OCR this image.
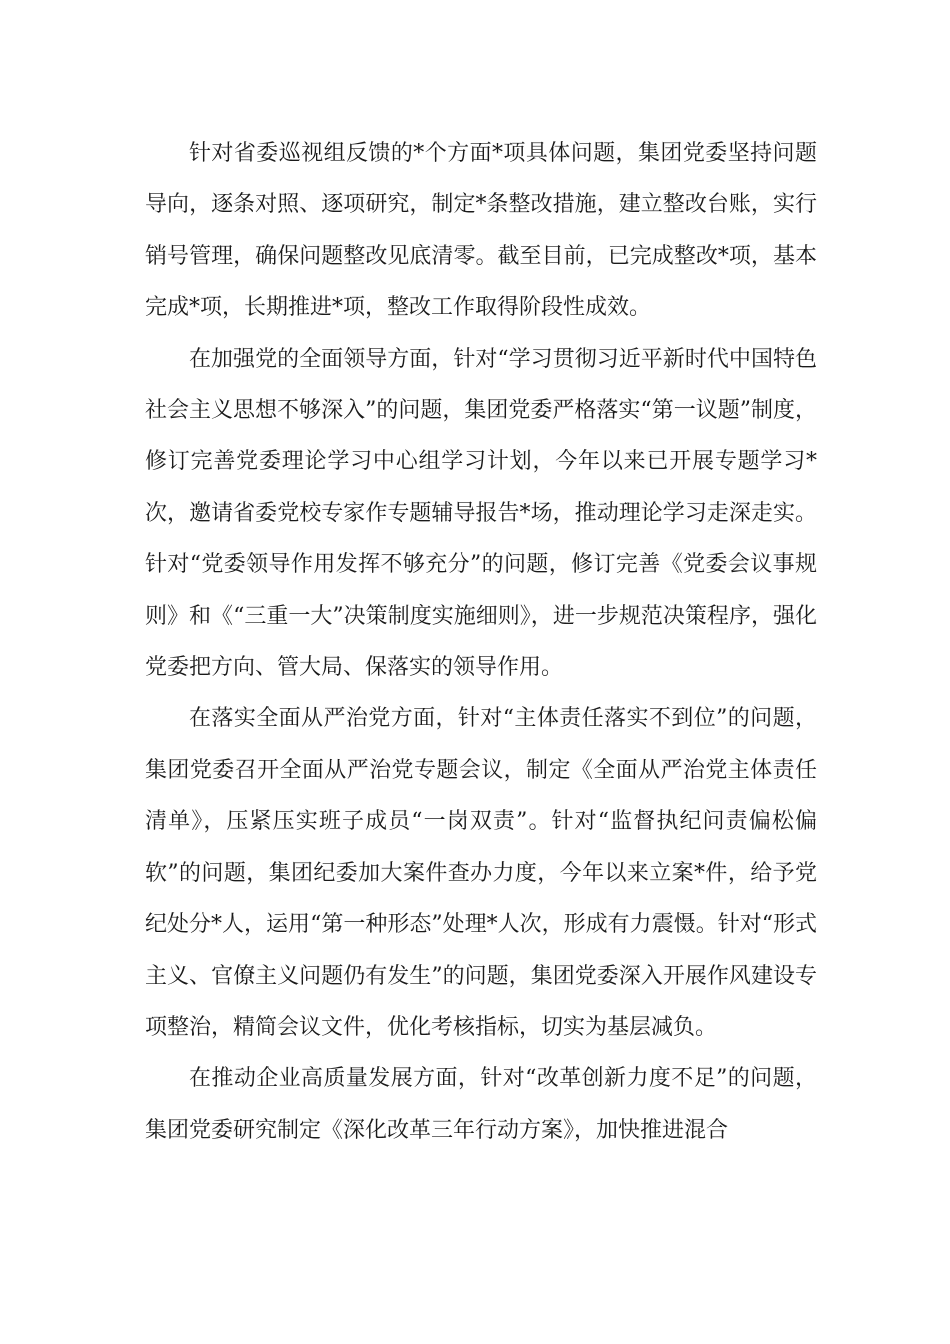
针对省委巡视组反馈的*个方面*项具体问题，集团党委坚持问题导向，逐条对照、逐项研究，制定*条整改措施，建立整改台账，实行销号管理，确保问题整改见底清零。截至目前，已完成整改*项，基本完成*项，长期推进*项，整改工作取得阶段性成效。

在加强党的全面领导方面，针对“学习贯彻习近平新时代中国特色社会主义思想不够深入”的问题，集团党委严格落实“第一议题”制度，修订完善党委理论学习中心组学习计划，今年以来已开展专题学习*次，邀请省委党校专家作专题辅导报告*场，推动理论学习走深走实。针对“党委领导作用发挥不够充分”的问题，修订完善《党委会议事规则》和《“三重一大”决策制度实施细则》，进一步规范决策程序，强化党委把方向、管大局、保落实的领导作用。

在落实全面从严治党方面，针对“主体责任落实不到位”的问题，集团党委召开全面从严治党专题会议，制定《全面从严治党主体责任清单》，压紧压实班子成员“一岗双责”。针对“监督执纪问责偏松偏软”的问题，集团纪委加大案件查办力度，今年以来立案*件，给予党纪处分*人，运用“第一种形态”处理*人次，形成有力震慑。针对“形式主义、官僚主义问题仍有发生”的问题，集团党委深入开展作风建设专项整治，精简会议文件，优化考核指标，切实为基层减负。

在推动企业高质量发展方面，针对“改革创新力度不足”的问题，集团党委研究制定《深化改革三年行动方案》，加快推进混合
